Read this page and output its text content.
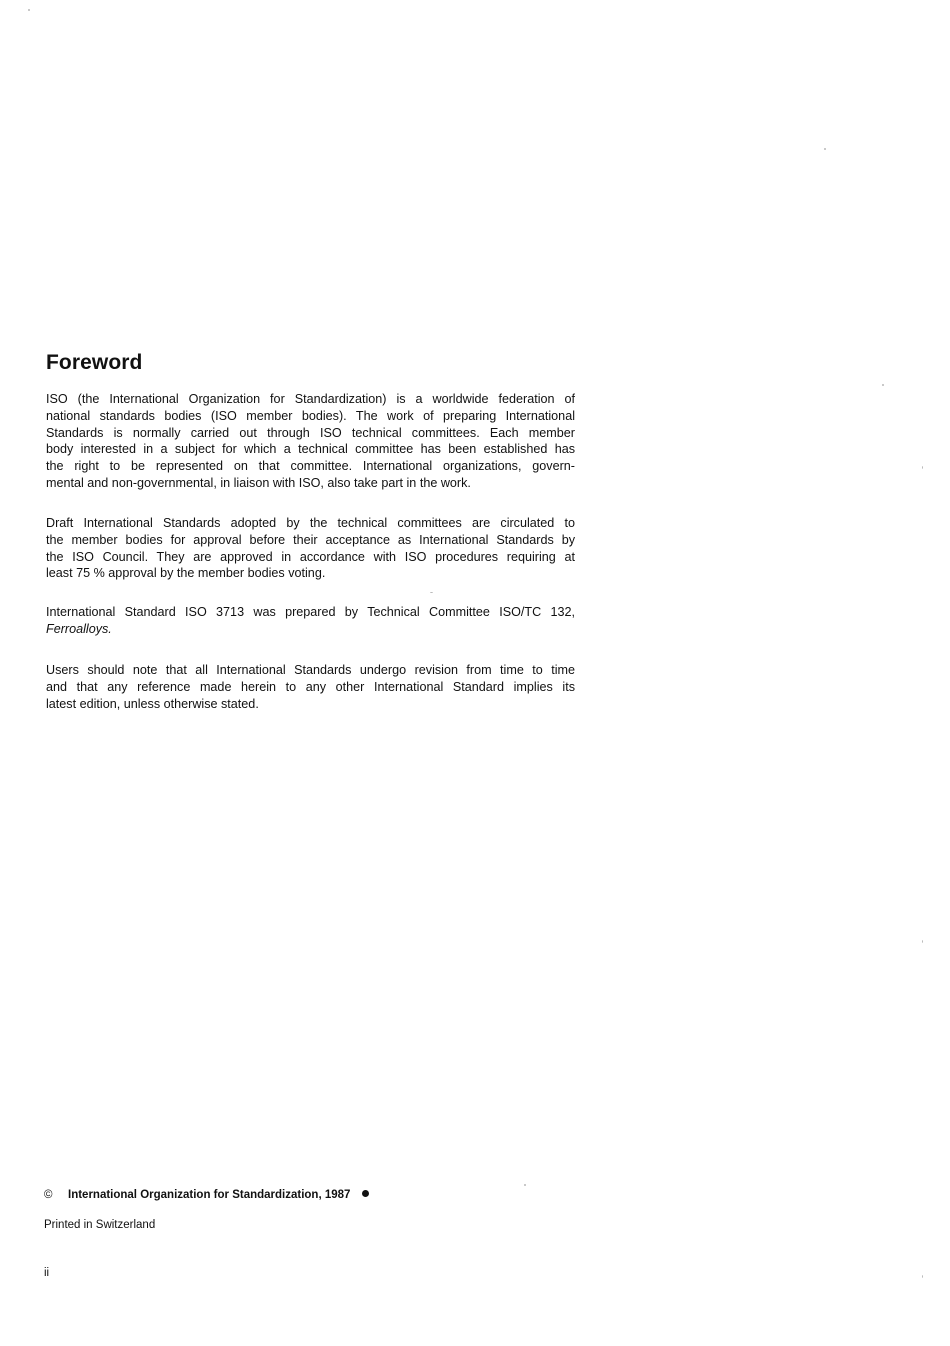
Foreword
ISO (the International Organization for Standardization) is a worldwide federation of
national standards bodies (ISO member bodies). The work of preparing International
Standards is normally carried out through ISO technical committees. Each member
body interested in a subject for which a technical committee has been established has
the right to be represented on that committee. International organizations, govern-
mental and non-governmental, in liaison with ISO, also take part in the work.
Draft International Standards adopted by the technical committees are circulated to
the member bodies for approval before their acceptance as International Standards by
the ISO Council. They are approved in accordance with ISO procedures requiring at
least 75 % approval by the member bodies voting.
International Standard ISO 3713 was prepared by Technical Committee ISO/TC 132,
Ferroalloys.
Users should note that all International Standards undergo revision from time to time
and that any reference made herein to any other International Standard implies its
latest edition, unless otherwise stated.
© International Organization for Standardization, 1987
Printed in Switzerland
ii
